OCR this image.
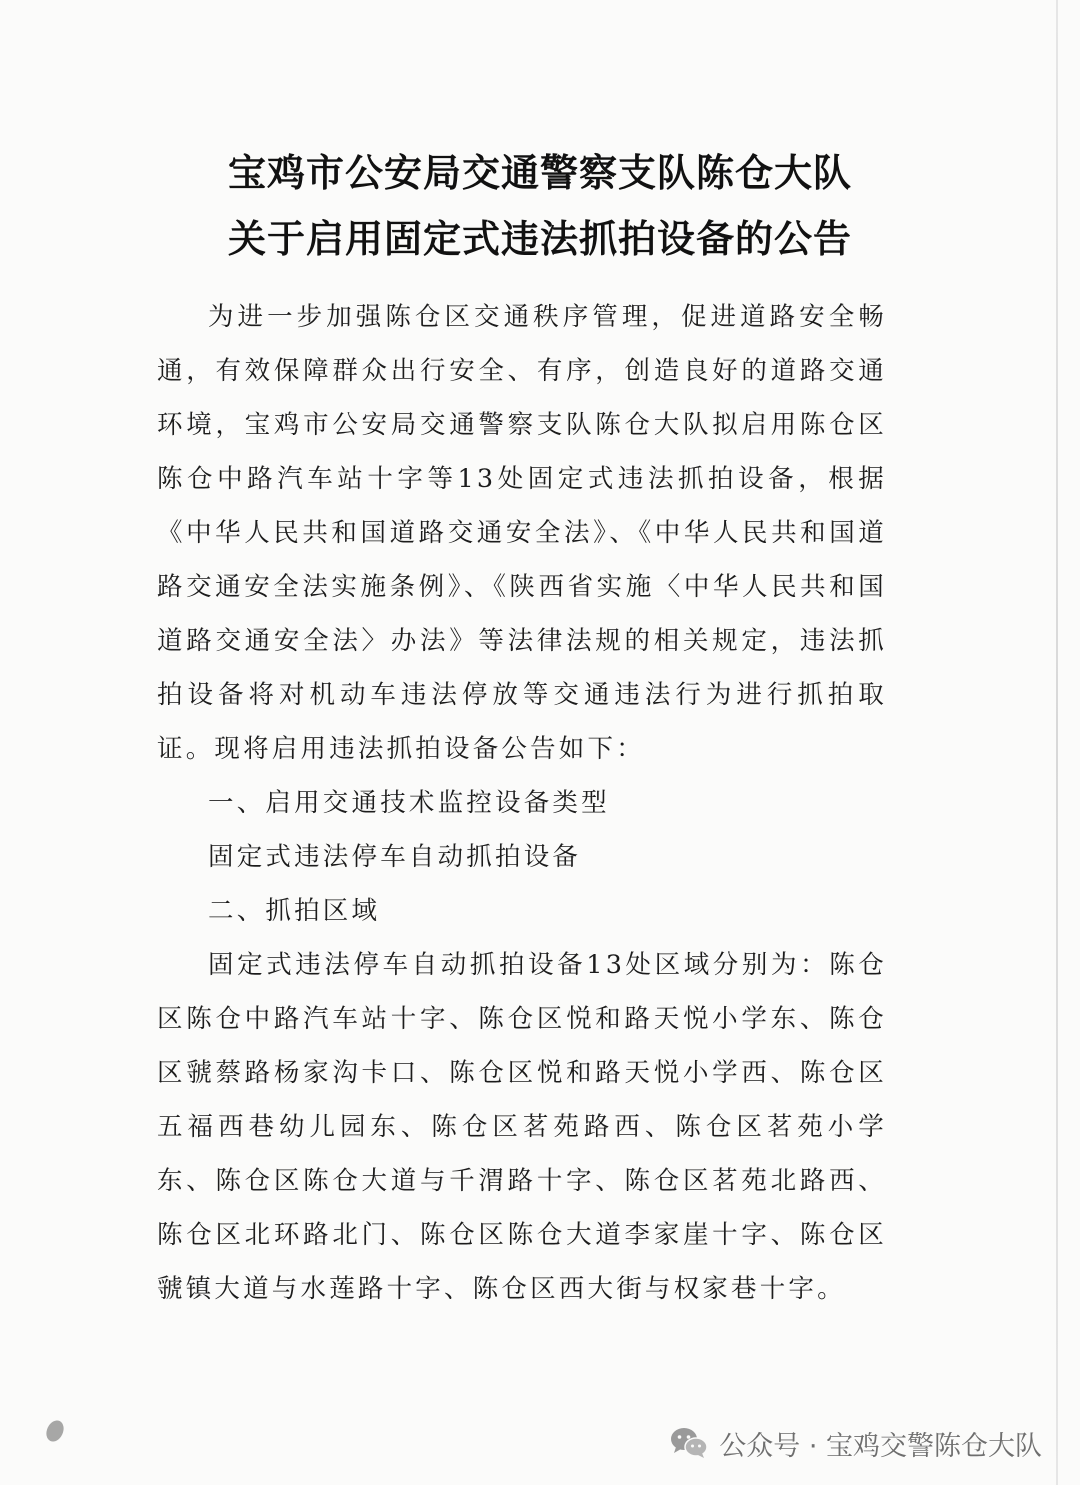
宝鸡市公安局交通警察支队陈仓大队
关于启用固定式违法抓拍设备的公告

为进一步加强陈仓区交通秩序管理，促进道路安全畅通，有效保障群众出行安全、有序，创造良好的道路交通环境，宝鸡市公安局交通警察支队陈仓大队拟启用陈仓区陈仓中路汽车站十字等13处固定式违法抓拍设备，根据《中华人民共和国道路交通安全法》、《中华人民共和国道路交通安全法实施条例》、《陕西省实施〈中华人民共和国道路交通安全法〉办法》等法律法规的相关规定，违法抓拍设备将对机动车违法停放等交通违法行为进行抓拍取证。现将启用违法抓拍设备公告如下：

一、启用交通技术监控设备类型

固定式违法停车自动抓拍设备

二、抓拍区域

固定式违法停车自动抓拍设备13处区域分别为：陈仓区陈仓中路汽车站十字、陈仓区悦和路天悦小学东、陈仓区虢蔡路杨家沟卡口、陈仓区悦和路天悦小学西、陈仓区五福西巷幼儿园东、陈仓区茗苑路西、陈仓区茗苑小学东、陈仓区陈仓大道与千渭路十字、陈仓区茗苑北路西、陈仓区北环路北门、陈仓区陈仓大道李家崖十字、陈仓区虢镇大道与水莲路十字、陈仓区西大街与权家巷十字。

公众号 · 宝鸡交警陈仓大队
